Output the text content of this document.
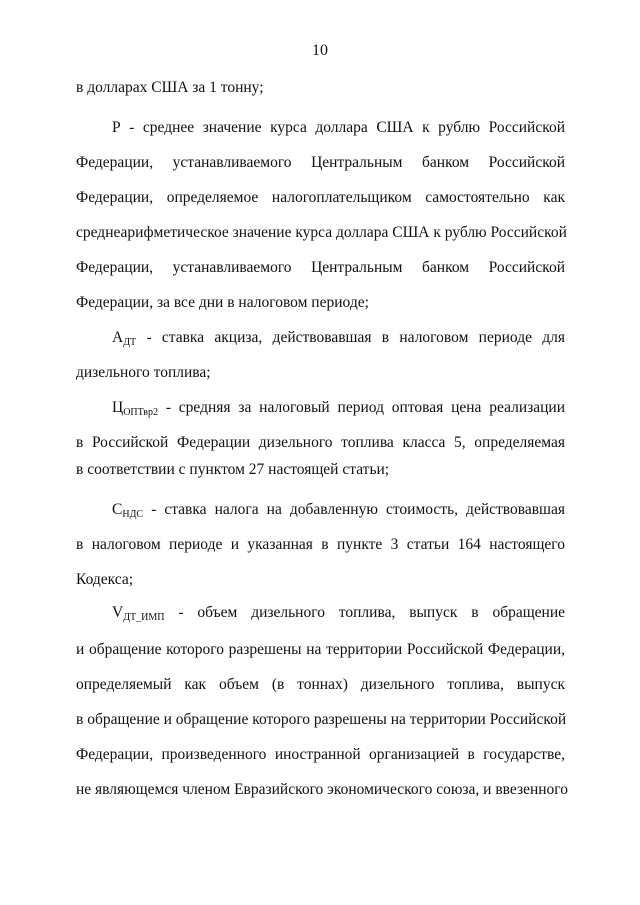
10
в долларах США за 1 тонну;
Р - среднее значение курса доллара США к рублю Российской
Федерации, устанавливаемого Центральным банком Российской
Федерации, определяемое налогоплательщиком самостоятельно как
среднеарифметическое значение курса доллара США к рублю Российской
Федерации, устанавливаемого Центральным банком Российской
Федерации, за все дни в налоговом периоде;
$А_{ДТ}$ - ставка акциза, действовавшая в налоговом периоде для
дизельного топлива;
$Ц_{ОПТвр2}$ - средняя за налоговый период оптовая цена реализации
в Российской Федерации дизельного топлива класса 5, определяемая
в соответствии с пунктом 27 настоящей статьи;
$С_{НДС}$ - ставка налога на добавленную стоимость, действовавшая
в налоговом периоде и указанная в пункте 3 статьи 164 настоящего
Кодекса;
$V_{ДТ\_ИМП}$ - объем дизельного топлива, выпуск в обращение
и обращение которого разрешены на территории Российской Федерации,
определяемый как объем (в тоннах) дизельного топлива, выпуск
в обращение и обращение которого разрешены на территории Российской
Федерации, произведенного иностранной организацией в государстве,
не являющемся членом Евразийского экономического союза, и ввезенного
